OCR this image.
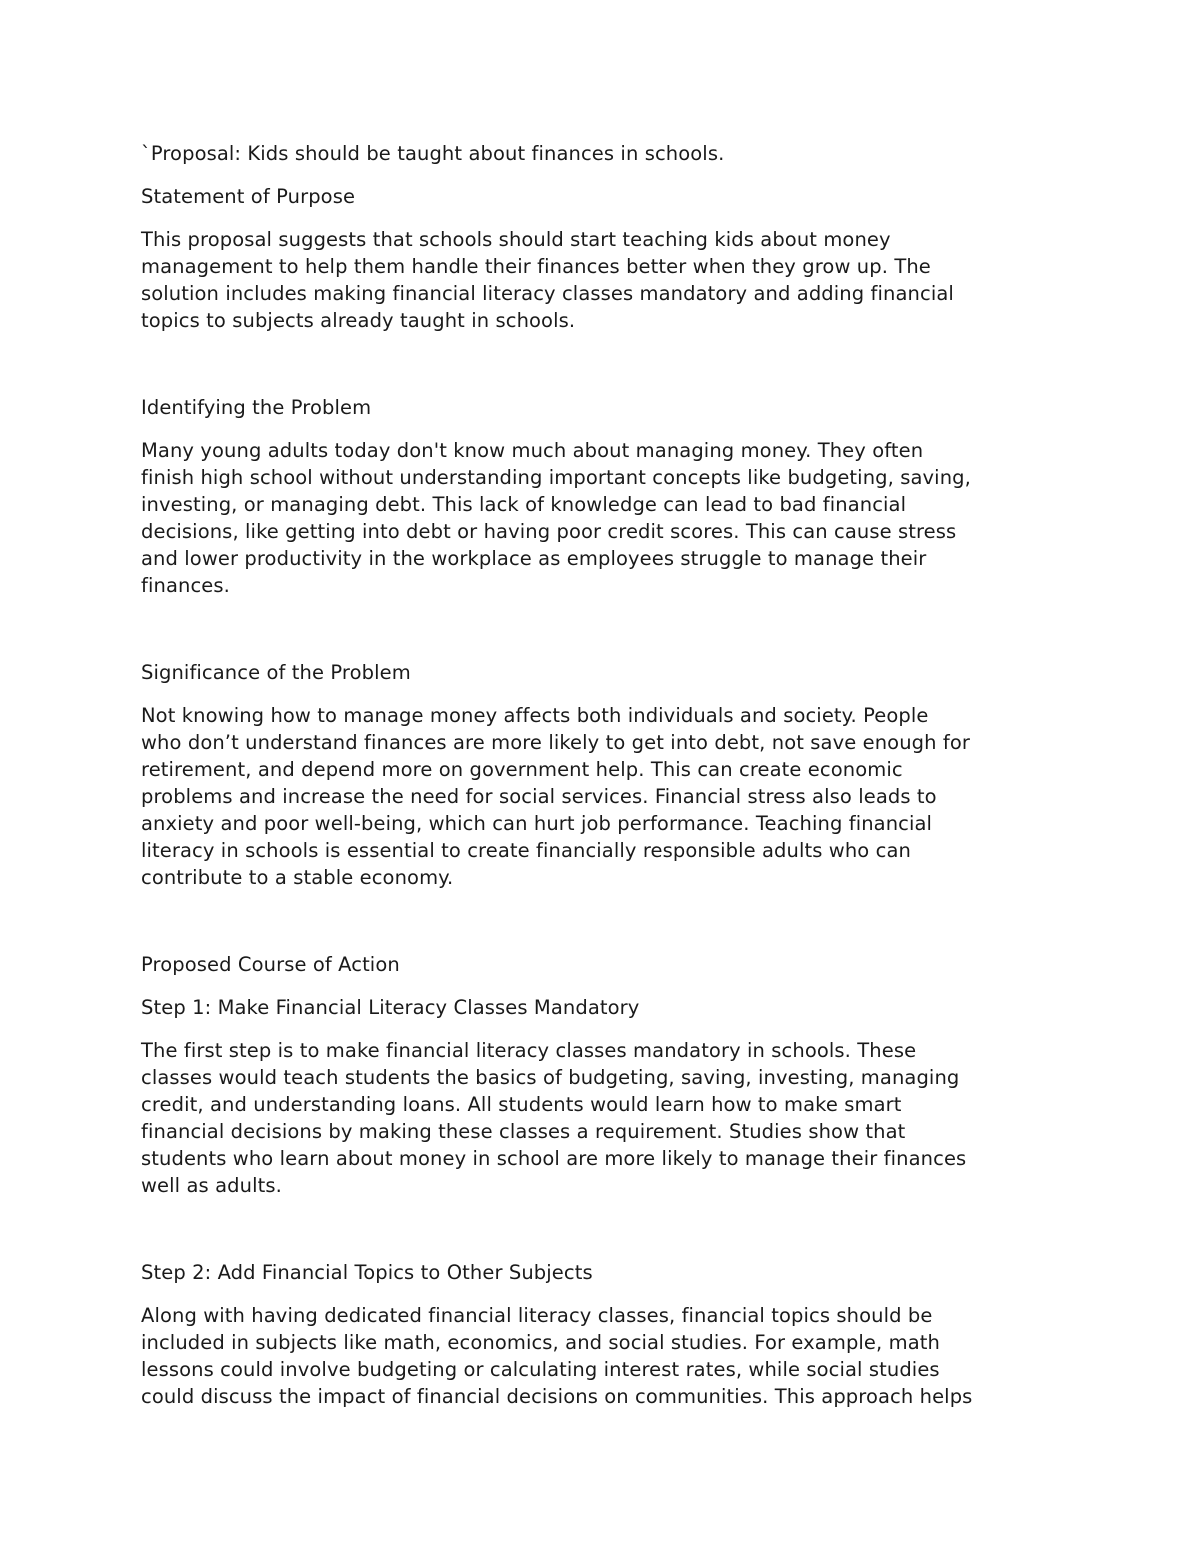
`Proposal: Kids should be taught about finances in schools.

Statement of Purpose

This proposal suggests that schools should start teaching kids about money

management to help them handle their finances better when they grow up. The

solution includes making financial literacy classes mandatory and adding financial

topics to subjects already taught in schools.

Identifying the Problem

Many young adults today don't know much about managing money. They often

finish high school without understanding important concepts like budgeting, saving,

investing, or managing debt. This lack of knowledge can lead to bad financial

decisions, like getting into debt or having poor credit scores. This can cause stress

and lower productivity in the workplace as employees struggle to manage their

finances.

Significance of the Problem

Not knowing how to manage money affects both individuals and society. People

who don’t understand finances are more likely to get into debt, not save enough for

retirement, and depend more on government help. This can create economic

problems and increase the need for social services. Financial stress also leads to

anxiety and poor well-being, which can hurt job performance. Teaching financial

literacy in schools is essential to create financially responsible adults who can

contribute to a stable economy.

Proposed Course of Action

Step 1: Make Financial Literacy Classes Mandatory

The first step is to make financial literacy classes mandatory in schools. These

classes would teach students the basics of budgeting, saving, investing, managing

credit, and understanding loans. All students would learn how to make smart

financial decisions by making these classes a requirement. Studies show that

students who learn about money in school are more likely to manage their finances

well as adults.

Step 2: Add Financial Topics to Other Subjects

Along with having dedicated financial literacy classes, financial topics should be

included in subjects like math, economics, and social studies. For example, math

lessons could involve budgeting or calculating interest rates, while social studies

could discuss the impact of financial decisions on communities. This approach helps
